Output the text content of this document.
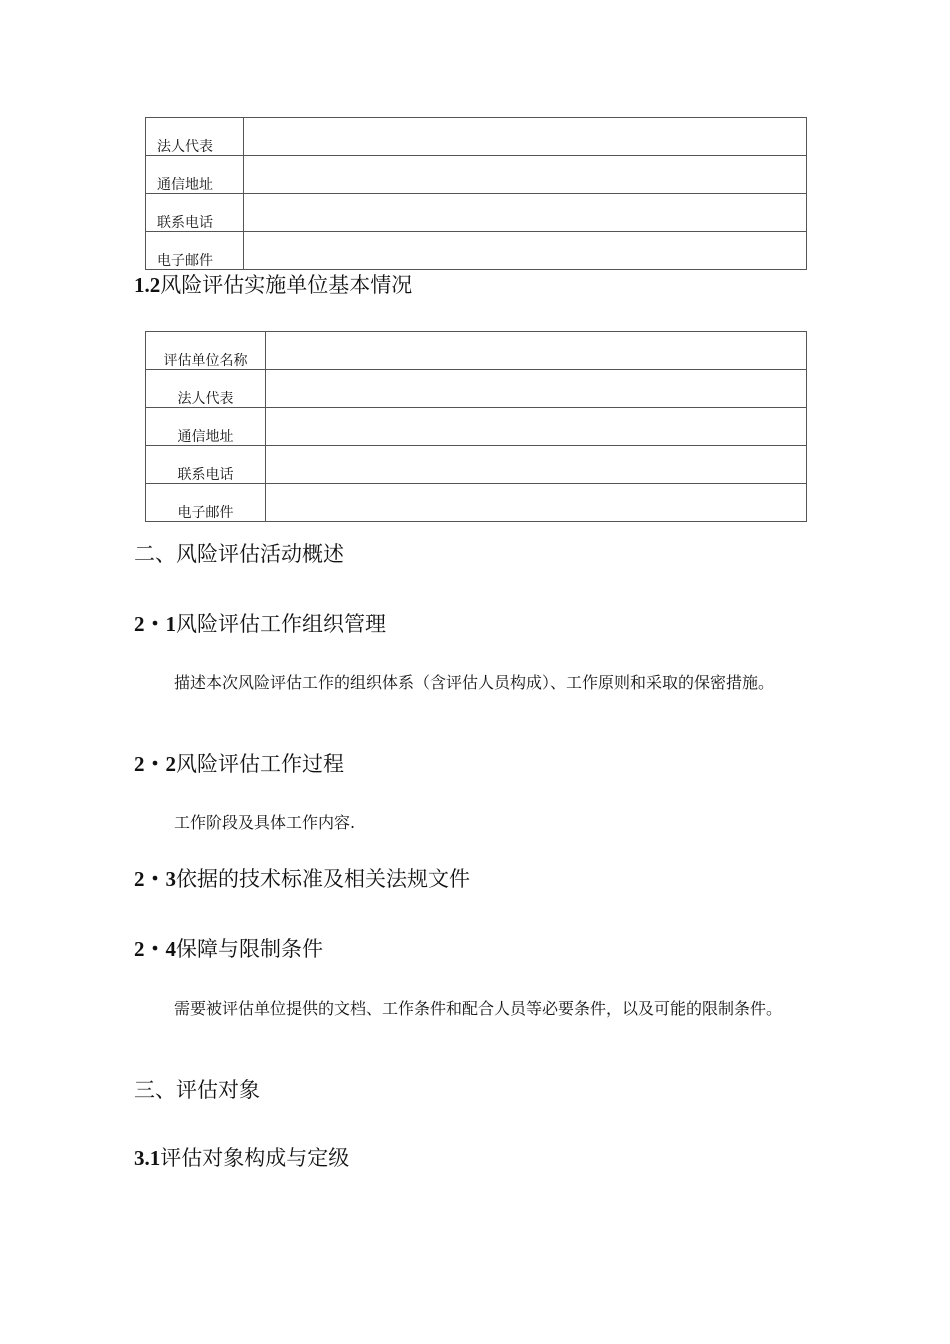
法人代表	
通信地址	
联系电话	
电子邮件	
1.2风险评估实施单位基本情况
评估单位名称	
法人代表	
通信地址	
联系电话	
电子邮件	
二、风险评估活动概述
2・1风险评估工作组织管理
描述本次风险评估工作的组织体系（含评估人员构成）、工作原则和采取的保密措施。
2・2风险评估工作过程
工作阶段及具体工作内容.
2・3依据的技术标准及相关法规文件
2・4保障与限制条件
需要被评估单位提供的文档、工作条件和配合人员等必要条件，以及可能的限制条件。
三、评估对象
3.1评估对象构成与定级
